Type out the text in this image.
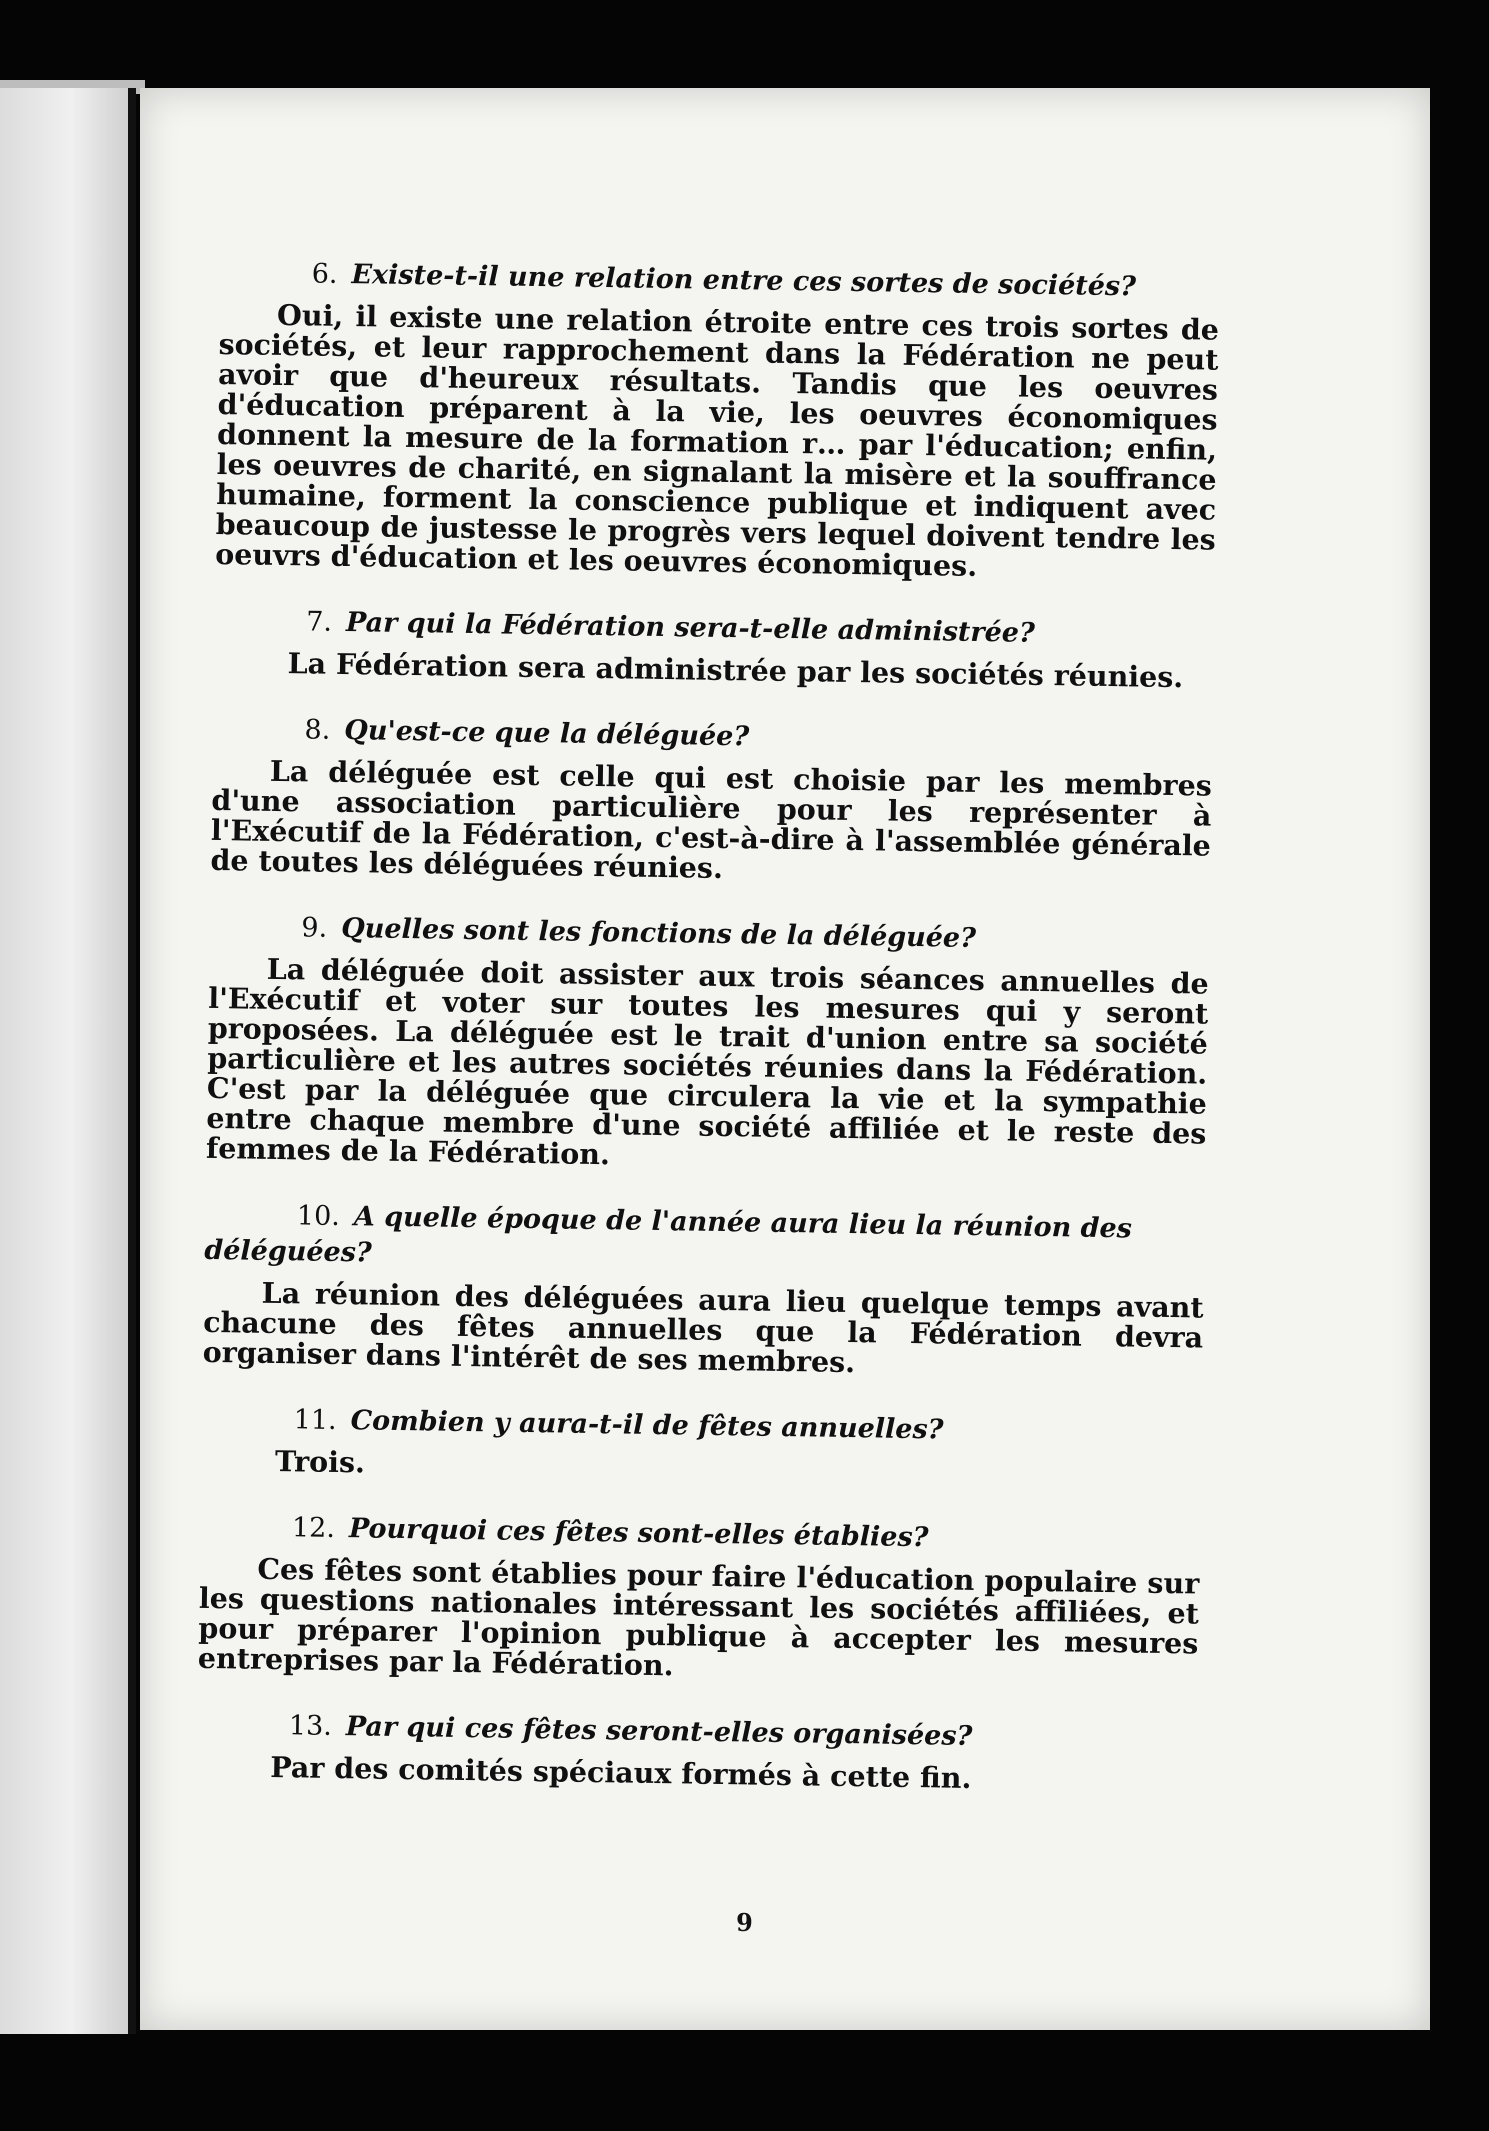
6. Existe-t-il une relation entre ces sortes de sociétés?

Oui, il existe une relation étroite entre ces trois sortes de sociétés, et leur rapprochement dans la Fédération ne peut avoir que d'heureux résultats. Tandis que les oeuvres d'éducation préparent à la vie, les oeuvres économiques donnent la mesure de la formation r… par l'éducation; enfin, les oeuvres de charité, en signalant la misère et la souffrance humaine, forment la conscience publique et indiquent avec beaucoup de justesse le progrès vers lequel doivent tendre les oeuvrs d'éducation et les oeuvres économiques.

7. Par qui la Fédération sera-t-elle administrée?

La Fédération sera administrée par les sociétés réunies.

8. Qu'est-ce que la déléguée?

La déléguée est celle qui est choisie par les membres d'une association particulière pour les représenter à l'Exécutif de la Fédération, c'est-à-dire à l'assemblée générale de toutes les déléguées réunies.

9. Quelles sont les fonctions de la déléguée?

La déléguée doit assister aux trois séances annuelles de l'Exécutif et voter sur toutes les mesures qui y seront proposées. La déléguée est le trait d'union entre sa société particulière et les autres sociétés réunies dans la Fédération. C'est par la déléguée que circulera la vie et la sympathie entre chaque membre d'une société affiliée et le reste des femmes de la Fédération.

10. A quelle époque de l'année aura lieu la réunion des déléguées?

La réunion des déléguées aura lieu quelque temps avant chacune des fêtes annuelles que la Fédération devra organiser dans l'intérêt de ses membres.

11. Combien y aura-t-il de fêtes annuelles?

Trois.

12. Pourquoi ces fêtes sont-elles établies?

Ces fêtes sont établies pour faire l'éducation populaire sur les questions nationales intéressant les sociétés affiliées, et pour préparer l'opinion publique à accepter les mesures entreprises par la Fédération.

13. Par qui ces fêtes seront-elles organisées?

Par des comités spéciaux formés à cette fin.

9
